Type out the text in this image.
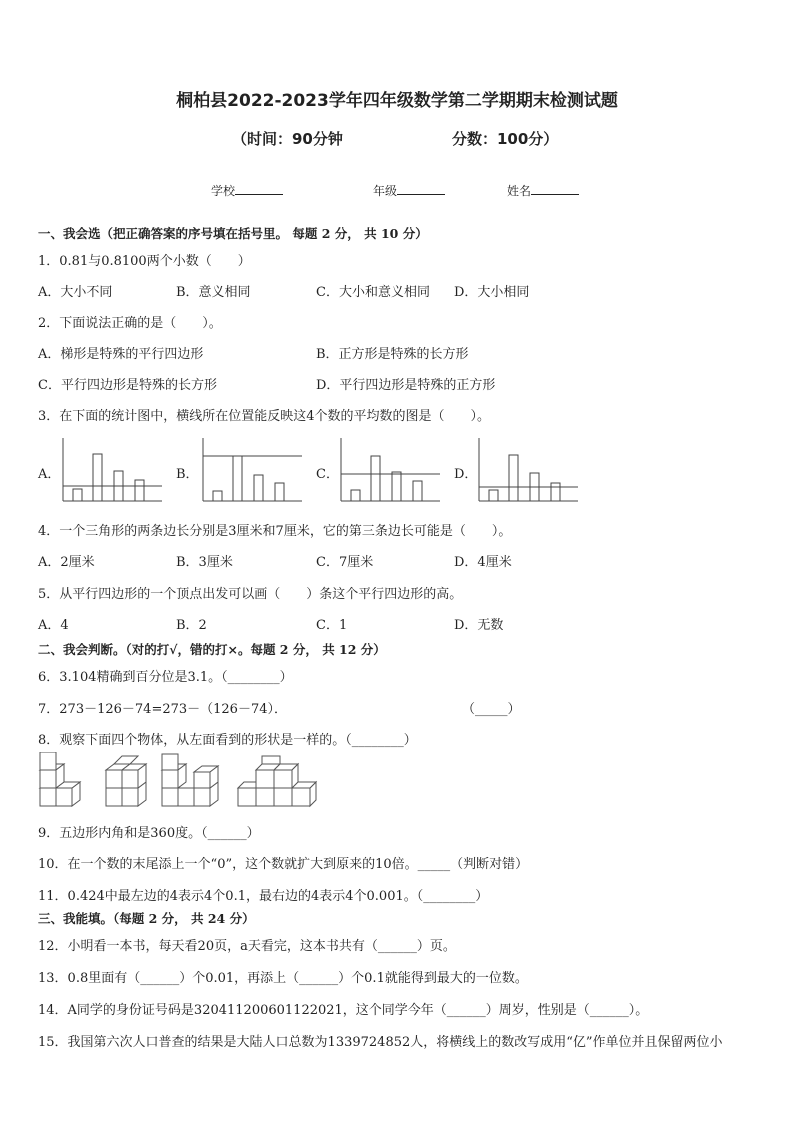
桐柏县2022-2023学年四年级数学第二学期期末检测试题
（时间：90分钟	分数：100分）
学校	年级	姓名
一、我会选（把正确答案的序号填在括号里。 每题 2 分， 共 10 分）
1．0.81与0.8100两个小数（　　）
A．大小不同	B．意义相同	C．大小和意义相同 D．大小相同
2．下面说法正确的是（　　）。
A．梯形是特殊的平行四边形	B．正方形是特殊的长方形
C．平行四边形是特殊的长方形	D．平行四边形是特殊的正方形
3．在下面的统计图中，横线所在位置能反映这4个数的平均数的图是（　　）。
A．	B．	C．	D．
4．一个三角形的两条边长分别是3厘米和7厘米，它的第三条边长可能是（　　）。
A．2厘米	B．3厘米	C．7厘米	D．4厘米
5．从平行四边形的一个顶点出发可以画（　　）条这个平行四边形的高。
A．4	B．2	C．1	D．无数
二、我会判断。（对的打√，错的打×。每题 2 分， 共 12 分）
6．3.104精确到百分位是3.1。（________）
7．273－126－74=273－（126－74）．	（_____）
8．观察下面四个物体，从左面看到的形状是一样的。（________）
9．五边形内角和是360度。（______）
10．在一个数的末尾添上一个“0”，这个数就扩大到原来的10倍。_____（判断对错）
11．0.424中最左边的4表示4个0.1，最右边的4表示4个0.001。（________）
三、我能填。（每题 2 分， 共 24 分）
12．小明看一本书，每天看20页，a天看完，这本书共有（______）页。
13．0.8里面有（______）个0.01，再添上（______）个0.1就能得到最大的一位数。
14．A同学的身份证号码是320411200601122021，这个同学今年（______）周岁，性别是（______）。
15．我国第六次人口普查的结果是大陆人口总数为1339724852人，将横线上的数改写成用“亿”作单位并且保留两位小
